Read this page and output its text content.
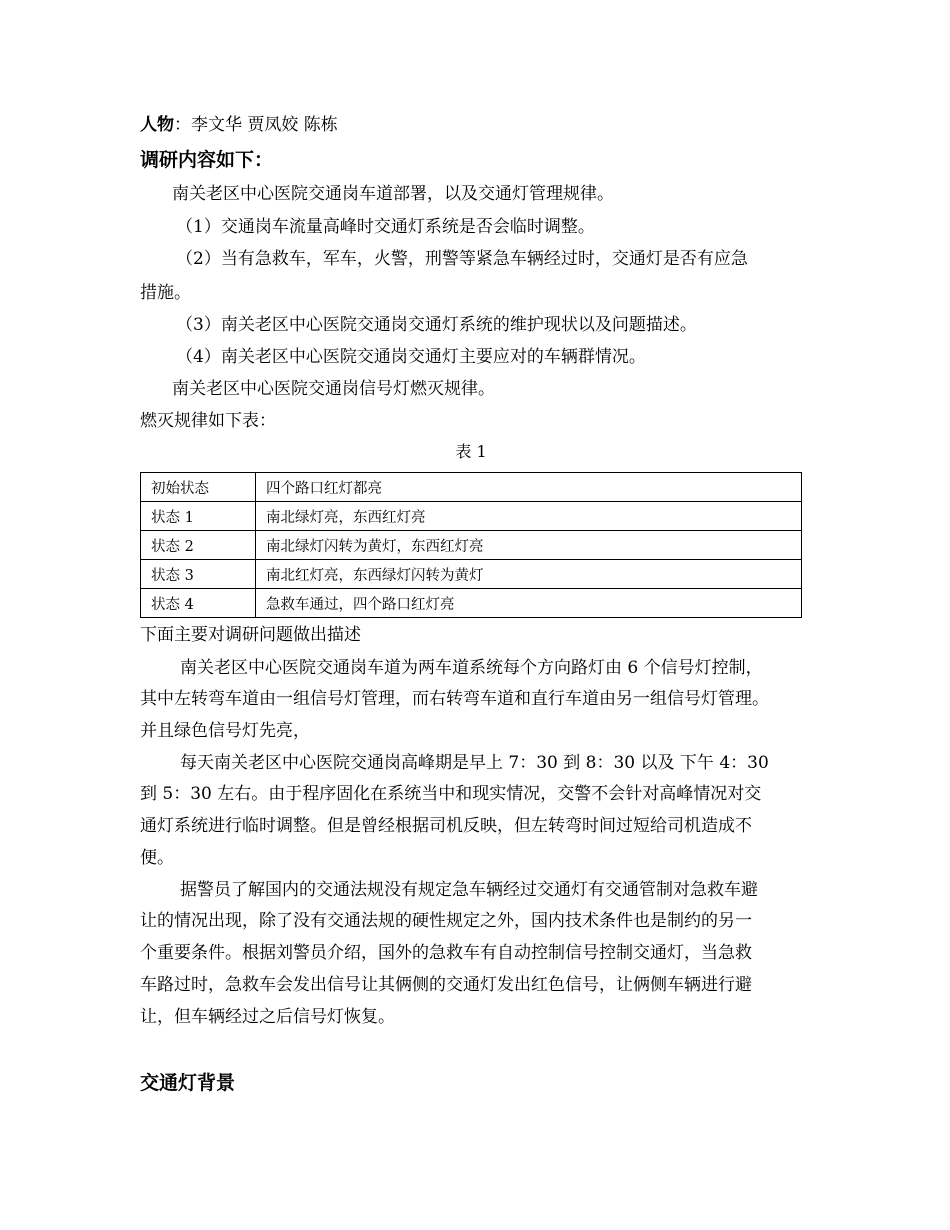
人物：李文华 贾凤姣 陈栋
调研内容如下：
南关老区中心医院交通岗车道部署，以及交通灯管理规律。
（1）交通岗车流量高峰时交通灯系统是否会临时调整。
（2）当有急救车，军车，火警，刑警等紧急车辆经过时，交通灯是否有应急
措施。
（3）南关老区中心医院交通岗交通灯系统的维护现状以及问题描述。
（4）南关老区中心医院交通岗交通灯主要应对的车辆群情况。
南关老区中心医院交通岗信号灯燃灭规律。
燃灭规律如下表：
表 1
初始状态	四个路口红灯都亮
状态 1	南北绿灯亮，东西红灯亮
状态 2	南北绿灯闪转为黄灯，东西红灯亮
状态 3	南北红灯亮，东西绿灯闪转为黄灯
状态 4	急救车通过，四个路口红灯亮
下面主要对调研问题做出描述
南关老区中心医院交通岗车道为两车道系统每个方向路灯由 6 个信号灯控制，
其中左转弯车道由一组信号灯管理，而右转弯车道和直行车道由另一组信号灯管理。
并且绿色信号灯先亮，
每天南关老区中心医院交通岗高峰期是早上 7：30 到 8：30 以及 下午 4：30
到 5：30 左右。由于程序固化在系统当中和现实情况，交警不会针对高峰情况对交
通灯系统进行临时调整。但是曾经根据司机反映，但左转弯时间过短给司机造成不
便。
据警员了解国内的交通法规没有规定急车辆经过交通灯有交通管制对急救车避
让的情况出现，除了没有交通法规的硬性规定之外，国内技术条件也是制约的另一
个重要条件。根据刘警员介绍，国外的急救车有自动控制信号控制交通灯，当急救
车路过时，急救车会发出信号让其俩侧的交通灯发出红色信号，让俩侧车辆进行避
让，但车辆经过之后信号灯恢复。
交通灯背景
